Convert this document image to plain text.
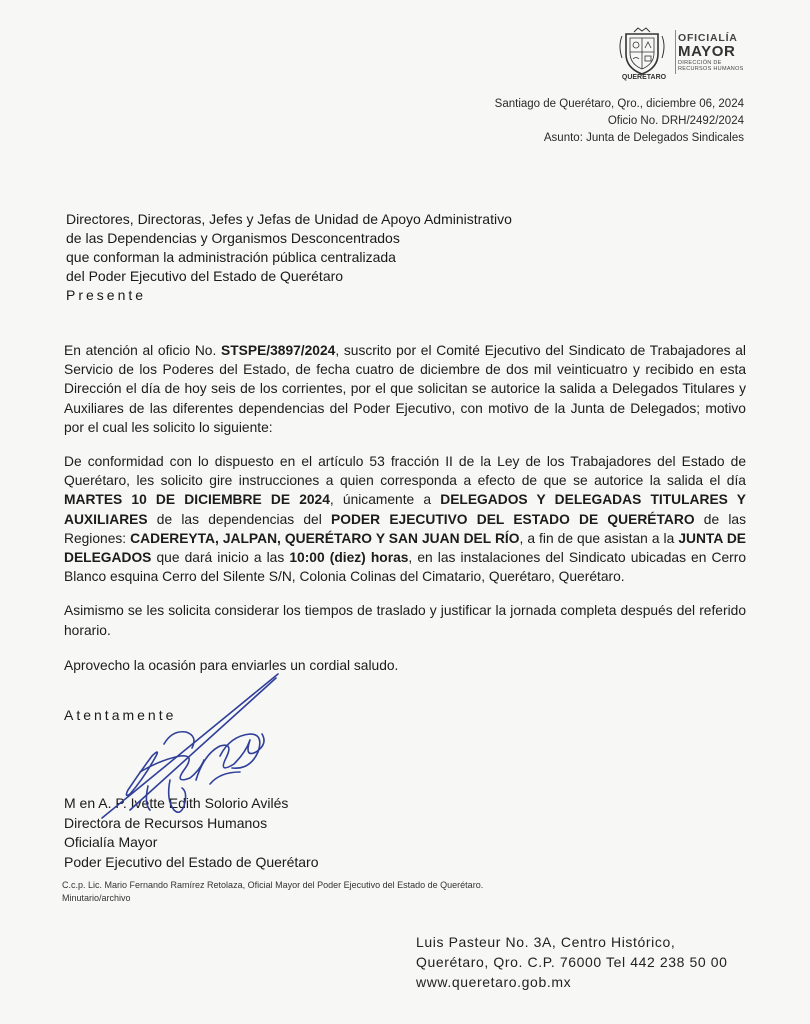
QUERÉTARO
OFICIALÍA
MAYOR
DIRECCIÓN DE
RECURSOS HUMANOS
Santiago de Querétaro, Qro., diciembre 06, 2024
Oficio No. DRH/2492/2024
Asunto: Junta de Delegados Sindicales
Directores, Directoras, Jefes y Jefas de Unidad de Apoyo Administrativo
de las Dependencias y Organismos Desconcentrados
que conforman la administración pública centralizada
del Poder Ejecutivo del Estado de Querétaro
Presente

En atención al oficio No. STSPE/3897/2024, suscrito por el Comité Ejecutivo del Sindicato de Trabajadores al Servicio de los Poderes del Estado, de fecha cuatro de diciembre de dos mil veinticuatro y recibido en esta Dirección el día de hoy seis de los corrientes, por el que solicitan se autorice la salida a Delegados Titulares y Auxiliares de las diferentes dependencias del Poder Ejecutivo, con motivo de la Junta de Delegados; motivo por el cual les solicito lo siguiente:

De conformidad con lo dispuesto en el artículo 53 fracción II de la Ley de los Trabajadores del Estado de Querétaro, les solicito gire instrucciones a quien corresponda a efecto de que se autorice la salida el día MARTES 10 DE DICIEMBRE DE 2024, únicamente a DELEGADOS Y DELEGADAS TITULARES Y AUXILIARES de las dependencias del PODER EJECUTIVO DEL ESTADO DE QUERÉTARO de las Regiones: CADEREYTA, JALPAN, QUERÉTARO Y SAN JUAN DEL RÍO, a fin de que asistan a la JUNTA DE DELEGADOS que dará inicio a las 10:00 (diez) horas, en las instalaciones del Sindicato ubicadas en Cerro Blanco esquina Cerro del Silente S/N, Colonia Colinas del Cimatario, Querétaro, Querétaro.

Asimismo se les solicita considerar los tiempos de traslado y justificar la jornada completa después del referido horario.

Aprovecho la ocasión para enviarles un cordial saludo.

Atentamente
M en A. P. Ivette Edith Solorio Avilés
Directora de Recursos Humanos
Oficialía Mayor
Poder Ejecutivo del Estado de Querétaro
C.c.p. Lic. Mario Fernando Ramírez Retolaza, Oficial Mayor del Poder Ejecutivo del Estado de Querétaro.
Minutario/archivo
Luis Pasteur No. 3A, Centro Histórico,
Querétaro, Qro. C.P. 76000 Tel 442 238 50 00
www.queretaro.gob.mx
